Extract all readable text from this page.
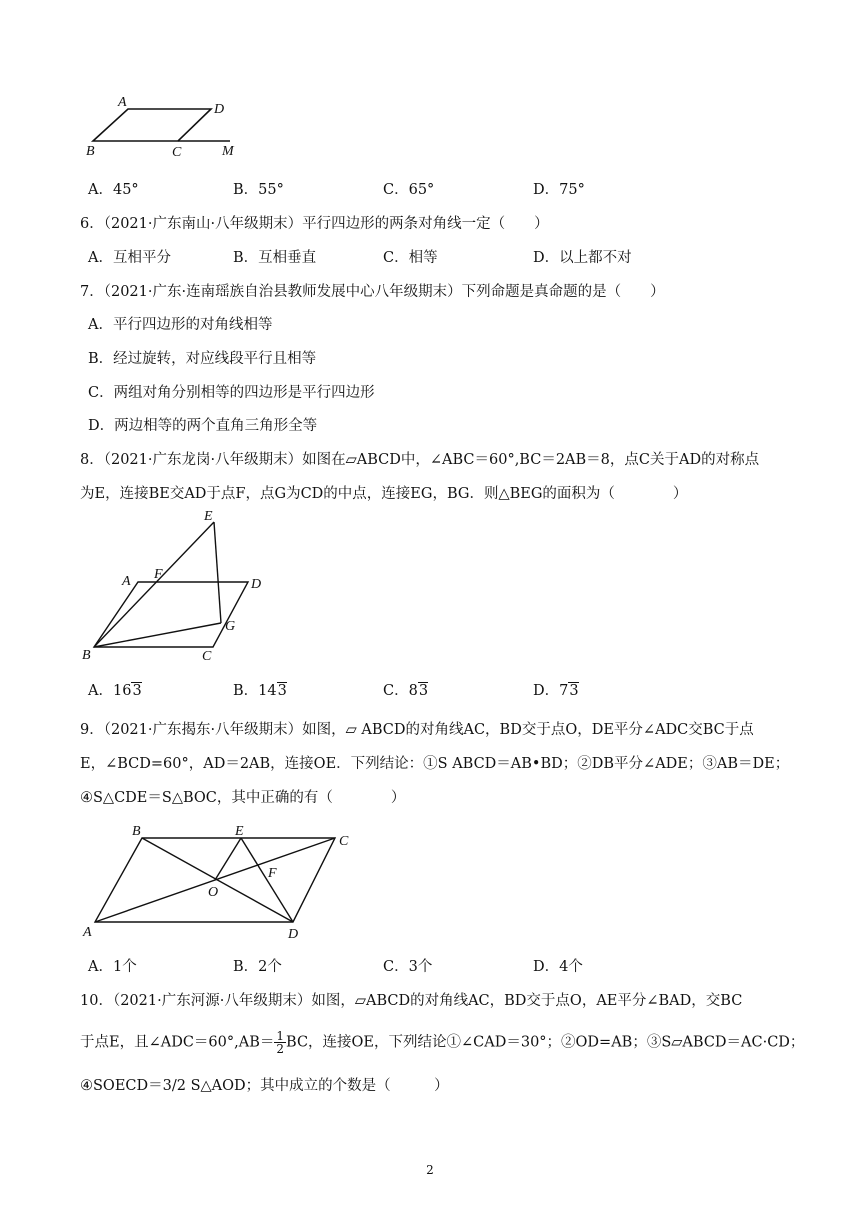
A	D
B	C	M
A．45°	B．55°	C．65°	D．75°
6．（2021·广东南山·八年级期末）平行四边形的两条对角线一定（　　）
A．互相平分	B．互相垂直	C．相等	D．以上都不对
7．（2021·广东·连南瑶族自治县教师发展中心八年级期末）下列命题是真命题的是（　　）
A．平行四边形的对角线相等
B．经过旋转，对应线段平行且相等
C．两组对角分别相等的四边形是平行四边形
D．两边相等的两个直角三角形全等
8．（2021·广东龙岗·八年级期末）如图在▱ABCD中，∠ABC＝60°,BC＝2AB＝8，点C关于AD的对称点
为E，连接BE交AD于点F，点G为CD的中点，连接EG，BG．则△BEG的面积为（　　　　）
E
A F
D
G
B	C
A．163	B．143	C．83	D．73
9．（2021·广东揭东·八年级期末）如图，▱ ABCD的对角线AC，BD交于点O，DE平分∠ADC交BC于点
E，∠BCD=60°，AD＝2AB，连接OE．下列结论：①S ABCD＝AB•BD；②DB平分∠ADE；③AB＝DE；
④S△CDE＝S△BOC，其中正确的有（　　　　）
B	E
C
F
O
A	D
A．1个	B．2个	C．3个	D．4个
10．（2021·广东河源·八年级期末）如图，▱ABCD的对角线AC，BD交于点O，AE平分∠BAD，交BC
于点E，且∠ADC＝60°,AB＝ $\frac{1}{2}$ BC，连接OE，下列结论①∠CAD＝30°；②OD=AB；③S▱ABCD＝AC·CD；
④SOECD＝3/2 S△AOD；其中成立的个数是（　　　）
2
